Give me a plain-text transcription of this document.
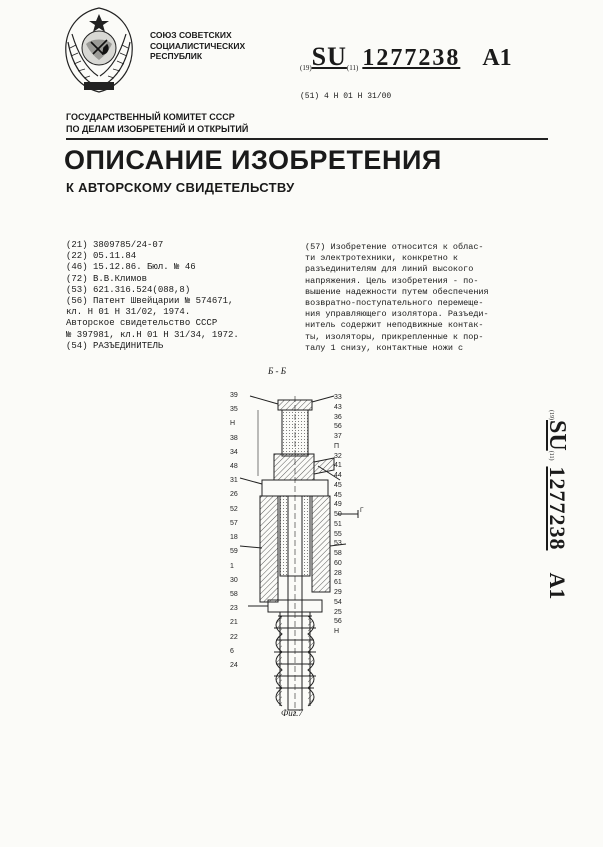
СОЮЗ СОВЕТСКИХ
СОЦИАЛИСТИЧЕСКИХ
РЕСПУБЛИК
(19)SU(11) 1277238 A1
(51) 4 Н 01 Н 31/00
ГОСУДАРСТВЕННЫЙ КОМИТЕТ СССР
ПО ДЕЛАМ ИЗОБРЕТЕНИЙ И ОТКРЫТИЙ
ОПИСАНИЕ ИЗОБРЕТЕНИЯ
К АВТОРСКОМУ СВИДЕТЕЛЬСТВУ
(21) 3809785/24-07
(22) 05.11.84
(46) 15.12.86. Бюл. № 46
(72) В.В.Климов
(53) 621.316.524(088,8)
(56) Патент Швейцарии № 574671,
кл. Н 01 Н 31/02, 1974.
Авторское свидетельство СССР
№ 397981, кл.Н 01 Н 31/34, 1972.
(54) РАЗЪЕДИНИТЕЛЬ
(57) Изобретение относится к облас-
ти электротехники, конкретно к
разъединителям для линий высокого
напряжения. Цель изобретения - по-
вышение надежности путем обеспечения
возвратно-поступательного перемеще-
ния управляющего изолятора. Разъеди-
нитель содержит неподвижные контак-
ты, изоляторы, прикрепленные к пор-
талу 1 снизу, контактные ножи с
Б - Б
Г
Фиг.7
(19)SU(11)1277238A1
39
35
Н
38
34
48
31
26
52
57
18
59
1
30
58
23
21
22
6
24
33
43
36
56
37
П
32
41
44
45
45
49
50
51
55
53
58
60
28
61
29
54
25
56
Н
